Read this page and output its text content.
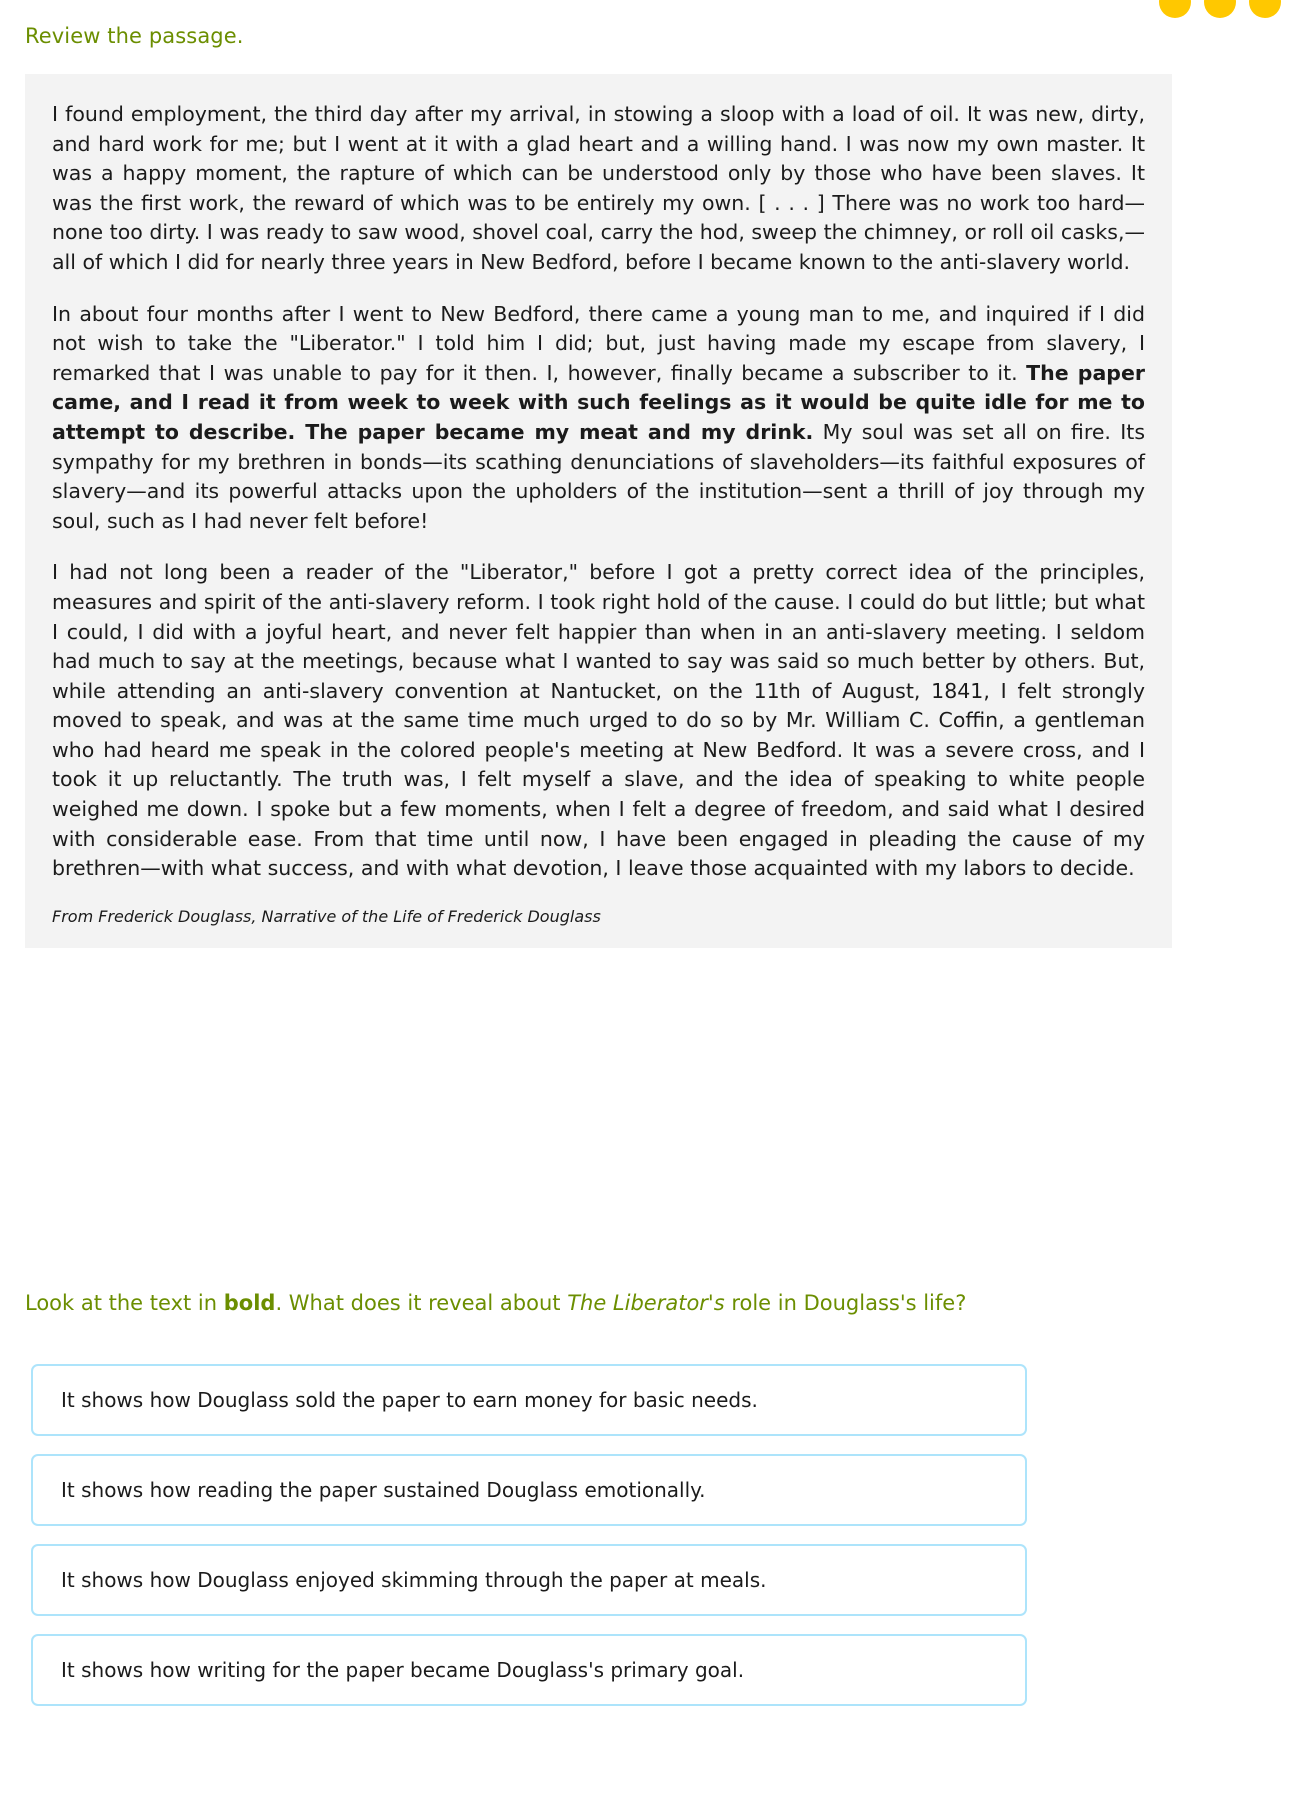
Review the passage.

I found employment, the third day after my arrival, in stowing a sloop with a load of oil. It was new, dirty, and hard work for me; but I went at it with a glad heart and a willing hand. I was now my own master. It was a happy moment, the rapture of which can be understood only by those who have been slaves. It was the first work, the reward of which was to be entirely my own. [ . . . ] There was no work too hard—none too dirty. I was ready to saw wood, shovel coal, carry the hod, sweep the chimney, or roll oil casks,—all of which I did for nearly three years in New Bedford, before I became known to the anti-slavery world.

In about four months after I went to New Bedford, there came a young man to me, and inquired if I did not wish to take the "Liberator." I told him I did; but, just having made my escape from slavery, I remarked that I was unable to pay for it then. I, however, finally became a subscriber to it. The paper came, and I read it from week to week with such feelings as it would be quite idle for me to attempt to describe. The paper became my meat and my drink. My soul was set all on fire. Its sympathy for my brethren in bonds—its scathing denunciations of slaveholders—its faithful exposures of slavery—and its powerful attacks upon the upholders of the institution—sent a thrill of joy through my soul, such as I had never felt before!

I had not long been a reader of the "Liberator," before I got a pretty correct idea of the principles, measures and spirit of the anti-slavery reform. I took right hold of the cause. I could do but little; but what I could, I did with a joyful heart, and never felt happier than when in an anti-slavery meeting. I seldom had much to say at the meetings, because what I wanted to say was said so much better by others. But, while attending an anti-slavery convention at Nantucket, on the 11th of August, 1841, I felt strongly moved to speak, and was at the same time much urged to do so by Mr. William C. Coffin, a gentleman who had heard me speak in the colored people's meeting at New Bedford. It was a severe cross, and I took it up reluctantly. The truth was, I felt myself a slave, and the idea of speaking to white people weighed me down. I spoke but a few moments, when I felt a degree of freedom, and said what I desired with considerable ease. From that time until now, I have been engaged in pleading the cause of my brethren—with what success, and with what devotion, I leave those acquainted with my labors to decide.

From Frederick Douglass, Narrative of the Life of Frederick Douglass

Look at the text in bold. What does it reveal about The Liberator's role in Douglass's life?
It shows how Douglass sold the paper to earn money for basic needs.
It shows how reading the paper sustained Douglass emotionally.
It shows how Douglass enjoyed skimming through the paper at meals.
It shows how writing for the paper became Douglass's primary goal.
